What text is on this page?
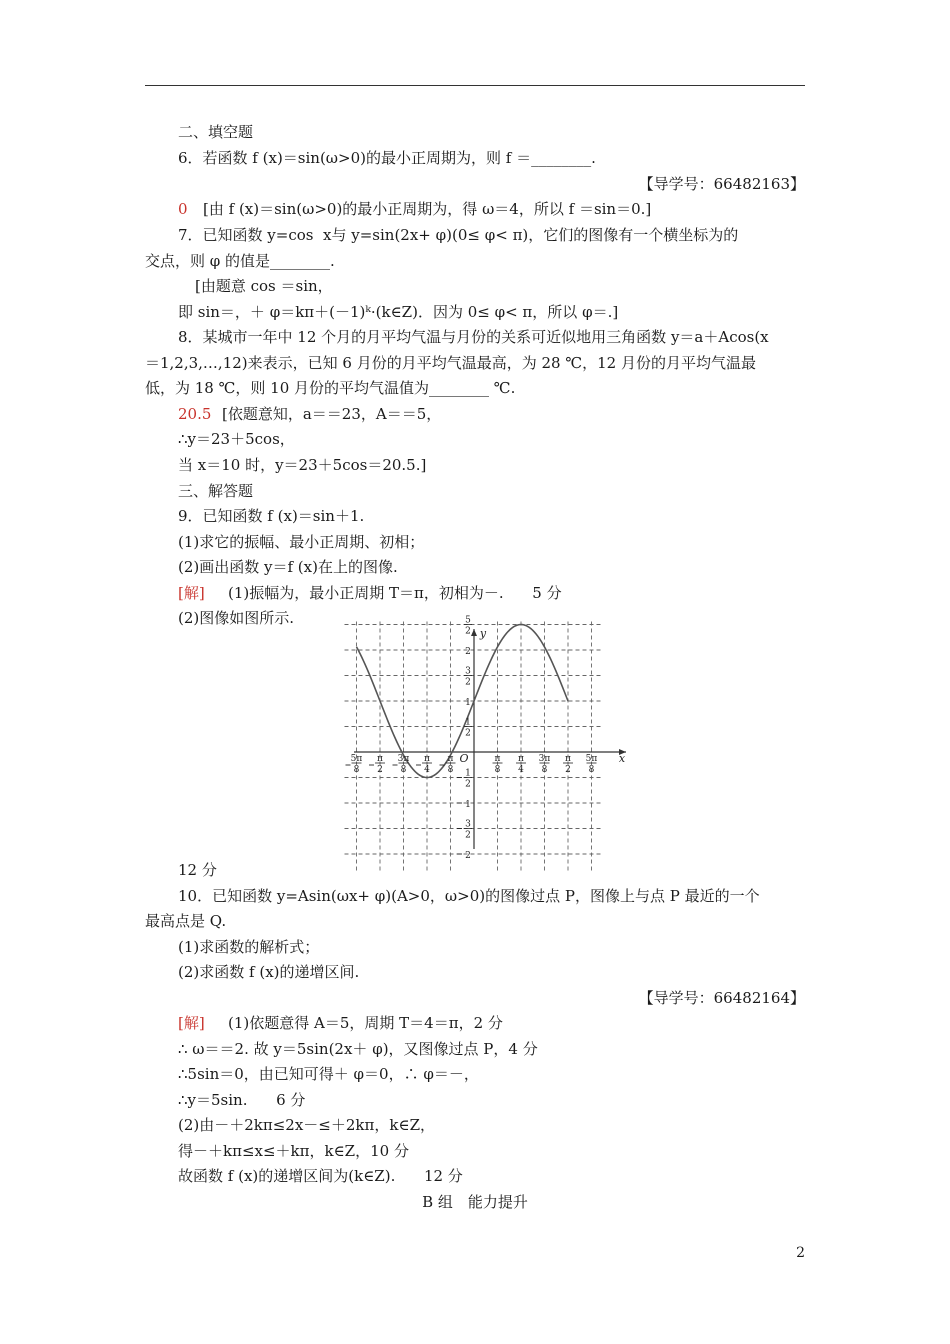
二、填空题
6．若函数 f (x)＝sin(ω>0)的最小正周期为，则 f ＝________.
【导学号：66482163】
0 [由 f (x)＝sin(ω>0)的最小正周期为，得 ω＝4，所以 f ＝sin＝0.]
7．已知函数 y=cos  x与 y=sin(2x+ φ)(0≤ φ< π)，它们的图像有一个横坐标为的
交点，则 φ 的值是________.
[由题意 cos ＝sin，
即 sin＝，＋ φ＝kπ＋(－1)ᵏ·(k∈Z)．因为 0≤ φ< π，所以 φ＝.]
8．某城市一年中 12 个月的月平均气温与月份的关系可近似地用三角函数 y＝a＋Acos(x
＝1,2,3,…,12)来表示，已知 6 月份的月平均气温最高，为 28 ℃，12 月份的月平均气温最
低，为 18 ℃，则 10 月份的平均气温值为________ ℃.
20.5 [依题意知，a＝＝23，A＝＝5，
∴y＝23＋5cos，
当 x＝10 时，y＝23＋5cos＝20.5.]
三、解答题
9．已知函数 f (x)＝sin＋1.
(1)求它的振幅、最小正周期、初相；
(2)画出函数 y＝f (x)在上的图像.
[解] (1)振幅为，最小正周期 T＝π，初相为－.      5 分
(2)图像如图所示.
y
x
O
5π
8
π
2
3π
8
π
4
π
8
π
8
π
4
3π
8
π
2
5π
8
5
2
2
3
2
1
1
2
1
2
1
3
2
2
12 分
10．已知函数 y=Asin(ωx+ φ)(A>0，ω>0)的图像过点 P，图像上与点 P 最近的一个
最高点是 Q.
(1)求函数的解析式；
(2)求函数 f (x)的递增区间.
【导学号：66482164】
[解] (1)依题意得 A＝5，周期 T＝4＝π，2 分
∴ ω＝＝2. 故 y＝5sin(2x＋ φ)，又图像过点 P，4 分
∴5sin＝0，由已知可得＋ φ＝0，∴ φ＝－，
∴y＝5sin.      6 分
(2)由－＋2kπ≤2x－≤＋2kπ，k∈Z，
得－＋kπ≤x≤＋kπ，k∈Z，10 分
故函数 f (x)的递增区间为(k∈Z).      12 分
B 组　能力提升
2
